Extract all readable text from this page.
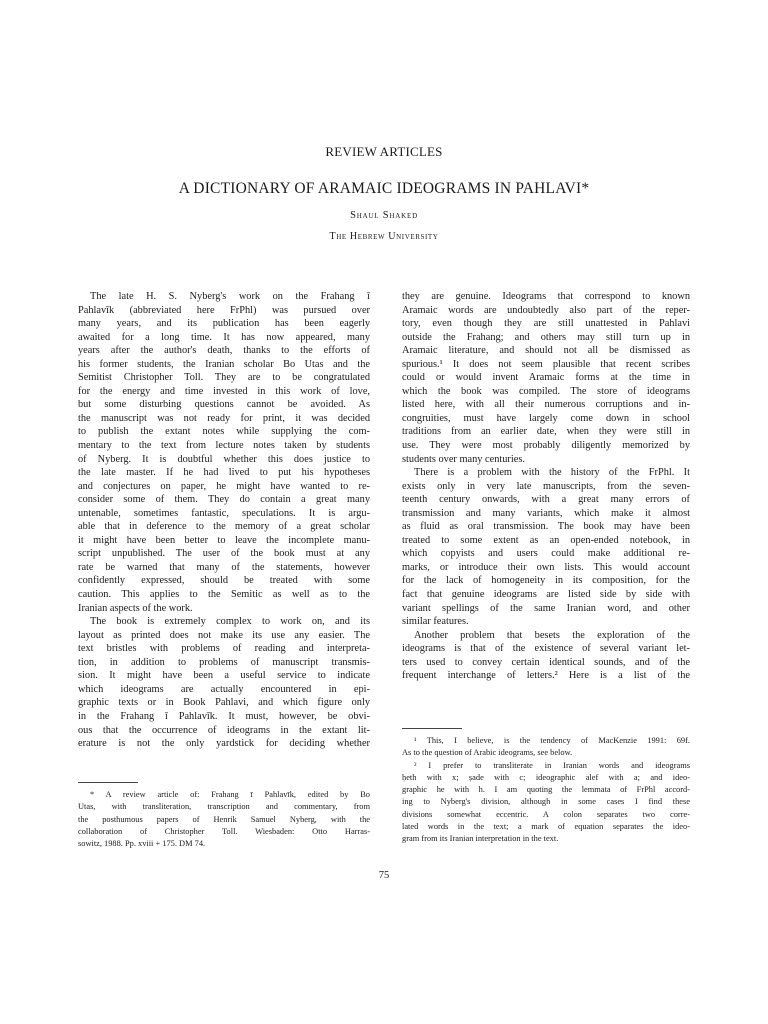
REVIEW ARTICLES
A DICTIONARY OF ARAMAIC IDEOGRAMS IN PAHLAVI*
Shaul Shaked
The Hebrew University
The late H. S. Nyberg's work on the Frahang ī
Pahlavīk (abbreviated here FrPhl) was pursued over
many years, and its publication has been eagerly
awaited for a long time. It has now appeared, many
years after the author's death, thanks to the efforts of
his former students, the Iranian scholar Bo Utas and the
Semitist Christopher Toll. They are to be congratulated
for the energy and time invested in this work of love,
but some disturbing questions cannot be avoided. As
the manuscript was not ready for print, it was decided
to publish the extant notes while supplying the com-
mentary to the text from lecture notes taken by students
of Nyberg. It is doubtful whether this does justice to
the late master. If he had lived to put his hypotheses
and conjectures on paper, he might have wanted to re-
consider some of them. They do contain a great many
untenable, sometimes fantastic, speculations. It is argu-
able that in deference to the memory of a great scholar
it might have been better to leave the incomplete manu-
script unpublished. The user of the book must at any
rate be warned that many of the statements, however
confidently expressed, should be treated with some
caution. This applies to the Semitic as well as to the
Iranian aspects of the work.
The book is extremely complex to work on, and its
layout as printed does not make its use any easier. The
text bristles with problems of reading and interpreta-
tion, in addition to problems of manuscript transmis-
sion. It might have been a useful service to indicate
which ideograms are actually encountered in epi-
graphic texts or in Book Pahlavi, and which figure only
in the Frahang ī Pahlavīk. It must, however, be obvi-
ous that the occurrence of ideograms in the extant lit-
erature is not the only yardstick for deciding whether
they are genuine. Ideograms that correspond to known
Aramaic words are undoubtedly also part of the reper-
tory, even though they are still unattested in Pahlavi
outside the Frahang; and others may still turn up in
Aramaic literature, and should not all be dismissed as
spurious.¹ It does not seem plausible that recent scribes
could or would invent Aramaic forms at the time in
which the book was compiled. The store of ideograms
listed here, with all their numerous corruptions and in-
congruities, must have largely come down in school
traditions from an earlier date, when they were still in
use. They were most probably diligently memorized by
students over many centuries.
There is a problem with the history of the FrPhl. It
exists only in very late manuscripts, from the seven-
teenth century onwards, with a great many errors of
transmission and many variants, which make it almost
as fluid as oral transmission. The book may have been
treated to some extent as an open-ended notebook, in
which copyists and users could make additional re-
marks, or introduce their own lists. This would account
for the lack of homogeneity in its composition, for the
fact that genuine ideograms are listed side by side with
variant spellings of the same Iranian word, and other
similar features.
Another problem that besets the exploration of the
ideograms is that of the existence of several variant let-
ters used to convey certain identical sounds, and of the
frequent interchange of letters.² Here is a list of the
* A review article of: Frahang ī Pahlavīk, edited by Bo
Utas, with transliteration, transcription and commentary, from
the posthumous papers of Henrik Samuel Nyberg, with the
collaboration of Christopher Toll. Wiesbaden: Otto Harras-
sowitz, 1988. Pp. xviii + 175. DM 74.
¹ This, I believe, is the tendency of MacKenzie 1991: 69f.
As to the question of Arabic ideograms, see below.
² I prefer to transliterate in Iranian words and ideograms
ḥeth with x; ṣade with c; ideographic alef with a; and ideo-
graphic he with h. I am quoting the lemmata of FrPhl accord-
ing to Nyberg's division, although in some cases I find these
divisions somewhat eccentric. A colon separates two corre-
lated words in the text; a mark of equation separates the ideo-
gram from its Iranian interpretation in the text.
75
